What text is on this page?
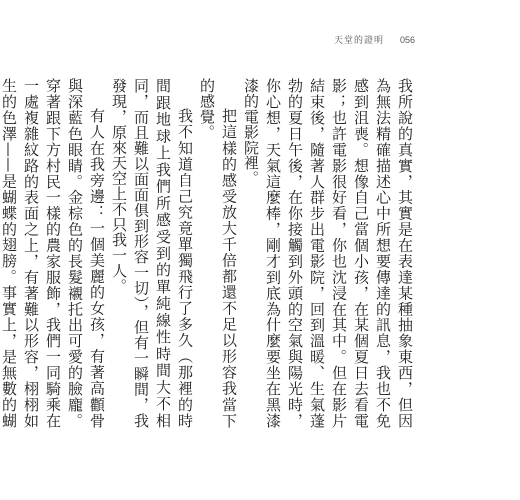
天堂的證明 056

我所說的真實，其實是在表達某種抽象東西，但因為無法精確描述心中所想要傳達的訊息，我也不免感到沮喪。想像自己當個小孩，在某個夏日去看電影；也許電影很好看，你也沈浸在其中。但在影片結束後，隨著人群步出電影院，回到溫暖、生氣蓬勃的夏日午後，在你接觸到外頭的空氣與陽光時，你心想，天氣這麼棒，剛才到底為什麼要坐在黑漆漆的電影院裡。

把這樣的感受放大千倍都還不足以形容我當下的感覺。

我不知道自己究竟單獨飛行了多久（那裡的時間跟地球上我們所感受到的單純線性時間大不相同，而且難以面面俱到形容一切），但有一瞬間，我發現，原來天空上不只我一人。

有人在我旁邊：一個美麗的女孩，有著高顴骨與深藍色眼睛。金棕色的長髮襯托出可愛的臉龐。穿著跟下方村民一樣的農家服飾，我們一同騎乘在一處複雜紋路的表面之上，有著難以形容，栩栩如生的色澤——是蝴蝶的翅膀。事實上，是無數的蝴
